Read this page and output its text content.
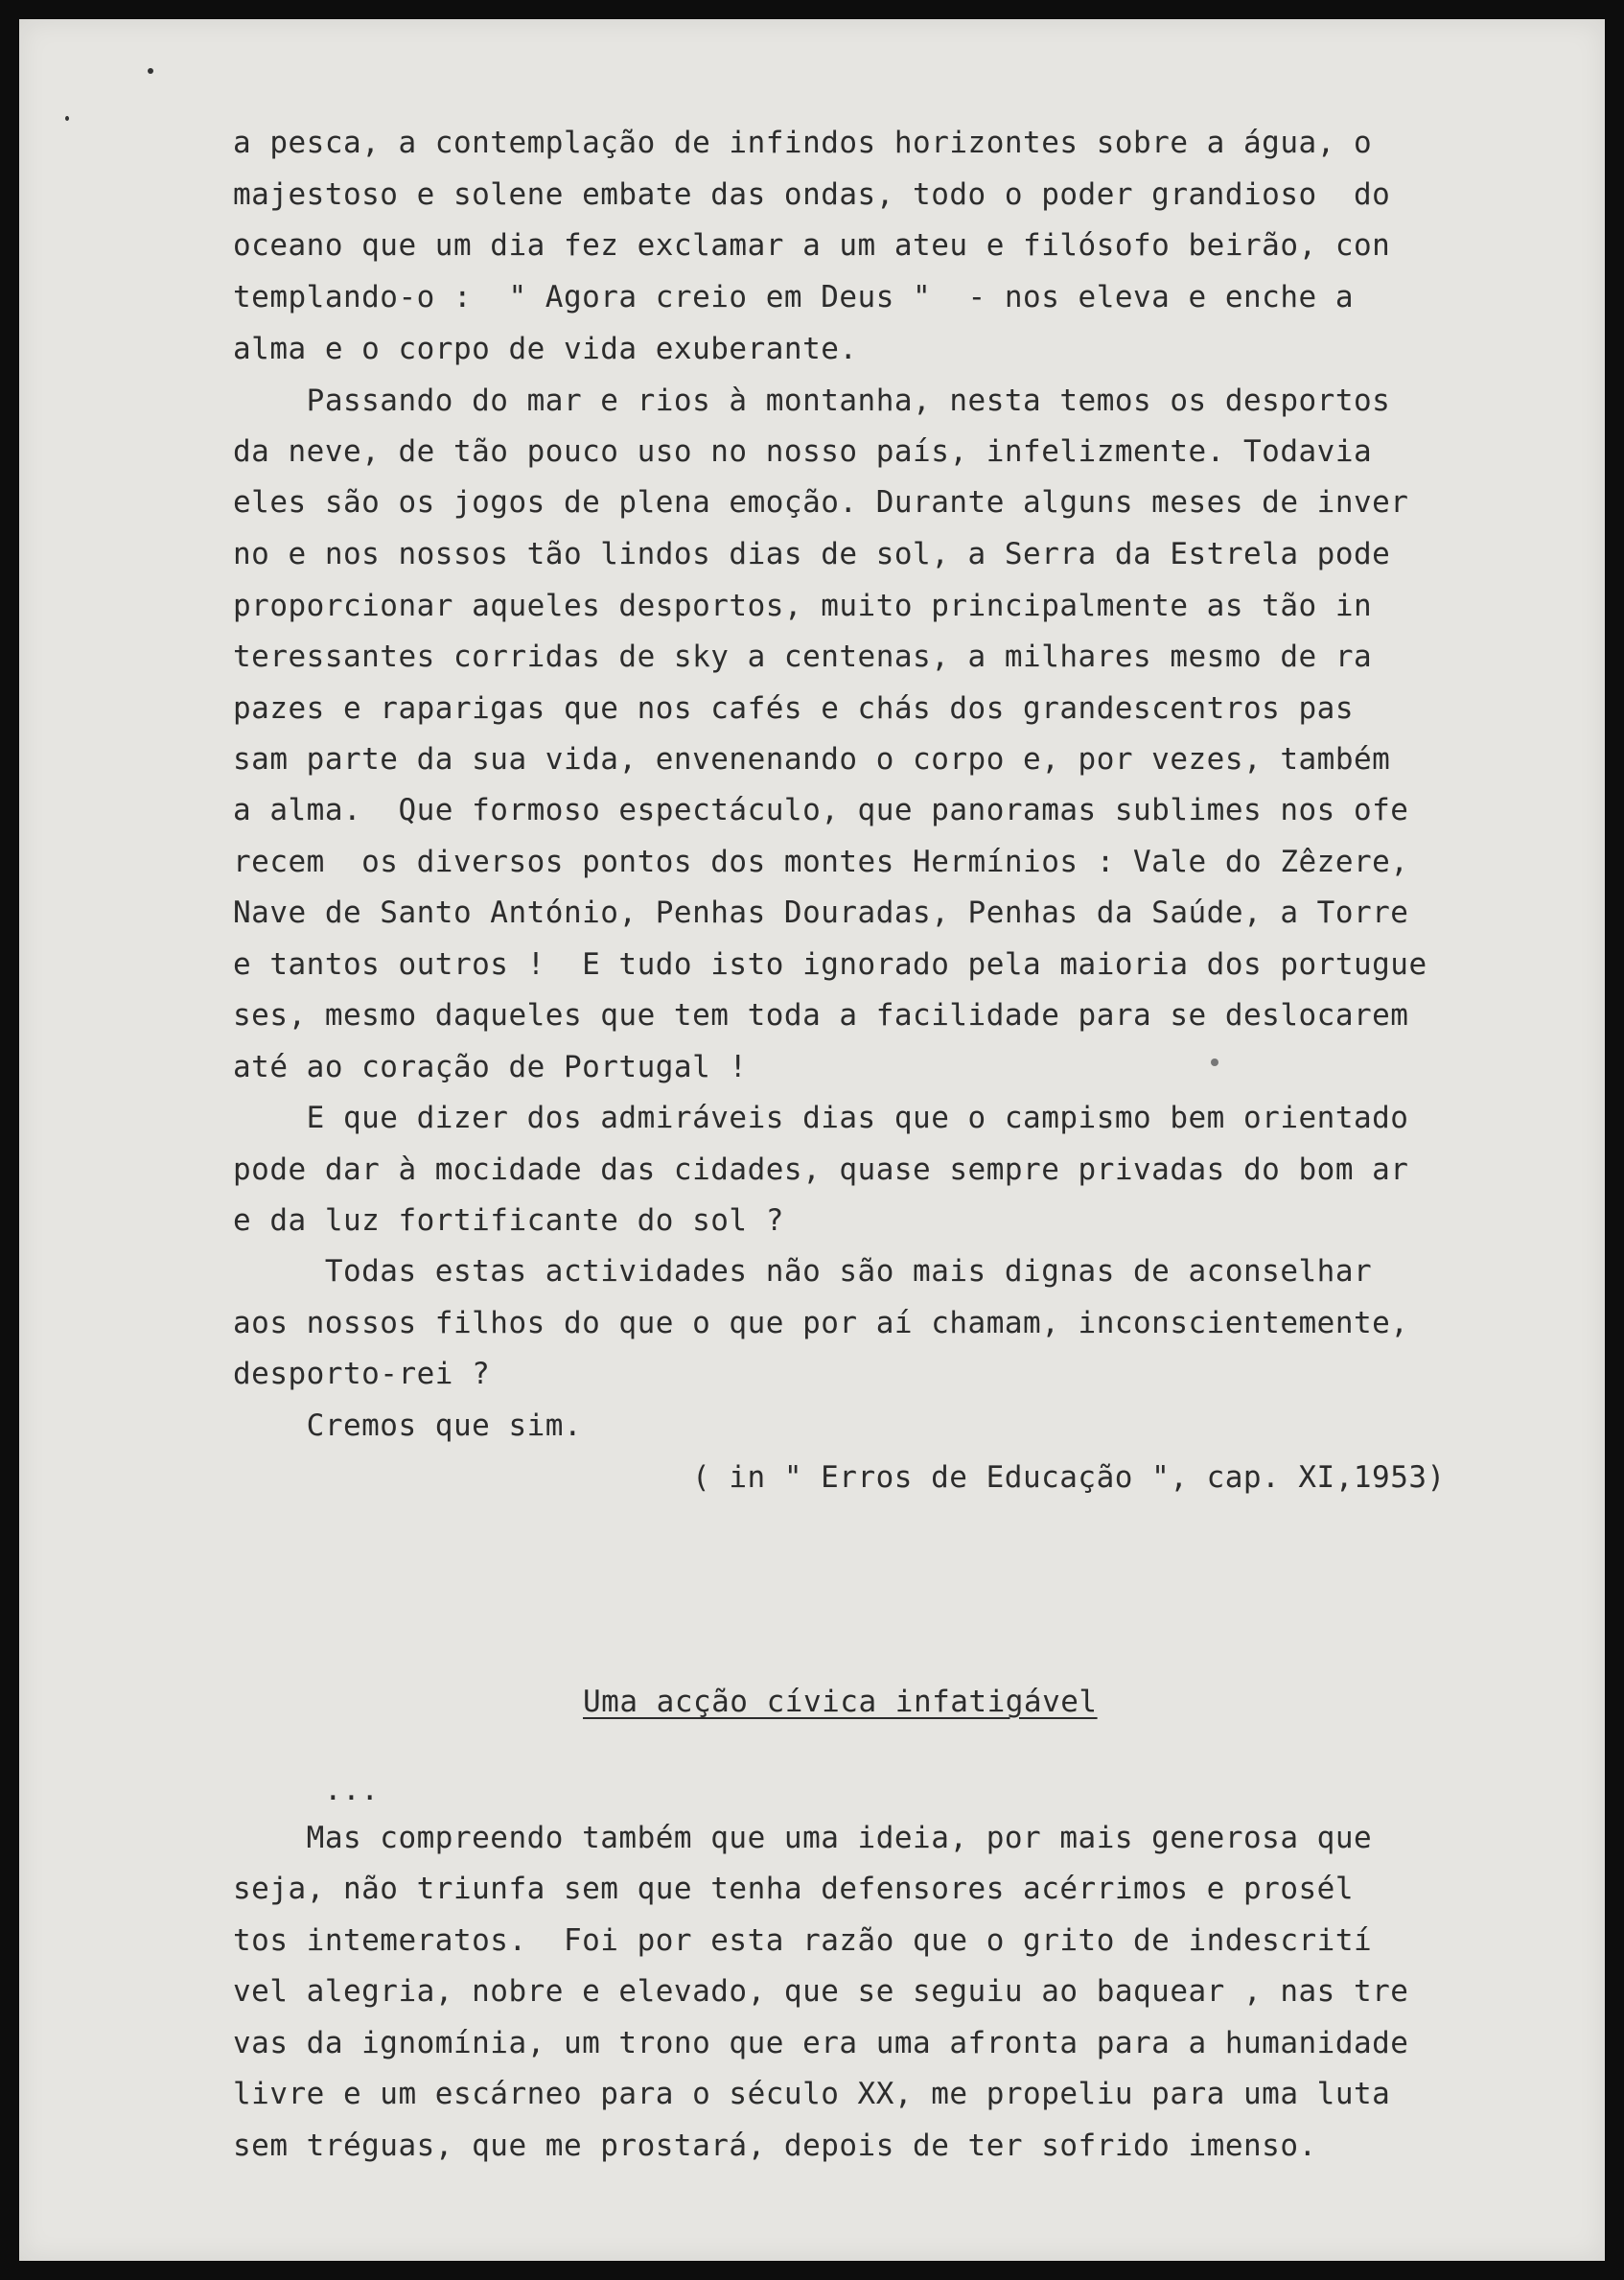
a pesca, a contemplação de infindos horizontes sobre a água, o
majestoso e solene embate das ondas, todo o poder grandioso  do
oceano que um dia fez exclamar a um ateu e filósofo beirão, con
templando-o :  " Agora creio em Deus "  - nos eleva e enche a
alma e o corpo de vida exuberante.
Passando do mar e rios à montanha, nesta temos os desportos
da neve, de tão pouco uso no nosso país, infelizmente. Todavia
eles são os jogos de plena emoção. Durante alguns meses de inver
no e nos nossos tão lindos dias de sol, a Serra da Estrela pode
proporcionar aqueles desportos, muito principalmente as tão in
teressantes corridas de sky a centenas, a milhares mesmo de ra
pazes e raparigas que nos cafés e chás dos grandescentros pas
sam parte da sua vida, envenenando o corpo e, por vezes, também
a alma.  Que formoso espectáculo, que panoramas sublimes nos ofe
recem  os diversos pontos dos montes Hermínios : Vale do Zêzere,
Nave de Santo António, Penhas Douradas, Penhas da Saúde, a Torre
e tantos outros !  E tudo isto ignorado pela maioria dos portugue
ses, mesmo daqueles que tem toda a facilidade para se deslocarem
até ao coração de Portugal !
E que dizer dos admiráveis dias que o campismo bem orientado
pode dar à mocidade das cidades, quase sempre privadas do bom ar
e da luz fortificante do sol ?
Todas estas actividades não são mais dignas de aconselhar
aos nossos filhos do que o que por aí chamam, inconscientemente,
desporto-rei ?
Cremos que sim.
( in " Erros de Educação ", cap. XI,1953)
Uma acção cívica infatigável
...
Mas compreendo também que uma ideia, por mais generosa que
seja, não triunfa sem que tenha defensores acérrimos e prosél
tos intemeratos.  Foi por esta razão que o grito de indescrití
vel alegria, nobre e elevado, que se seguiu ao baquear , nas tre
vas da ignomínia, um trono que era uma afronta para a humanidade
livre e um escárneo para o século XX, me propeliu para uma luta
sem tréguas, que me prostará, depois de ter sofrido imenso.
